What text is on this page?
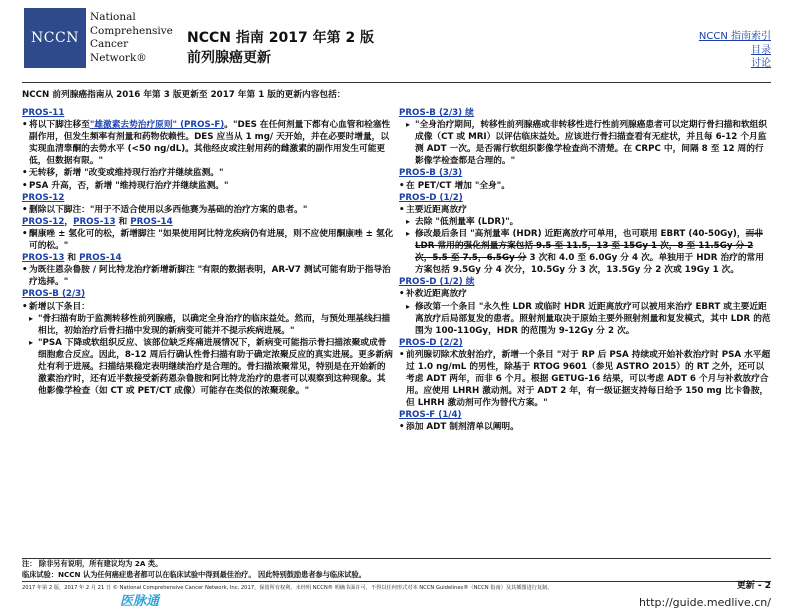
NCCN
National
Comprehensive
Cancer
Network®
NCCN 指南 2017 年第 2 版
前列腺癌更新
NCCN 指南索引
目录
讨论
NCCN 前列腺癌指南从 2016 年第 3 版更新至 2017 年第 1 版的更新内容包括：
PROS-11
• 将以下脚注移至"雄激素去势治疗原则" (PROS-F)。"DES 在任何剂量下都有心血管和栓塞性副作用，但发生频率有剂量和药物依赖性。DES 应当从 1 mg/ 天开始，并在必要时增量，以实现血清睾酮的去势水平 (<50 ng/dL)。其他经皮或注射用药的雌激素的副作用发生可能更低，但数据有限。"
• 无转移，新增 "改变或维持现行治疗并继续监测。"
• PSA 升高，否，新增 "维持现行治疗并继续监测。"
PROS-12
• 删除以下脚注："用于不适合使用以多西他赛为基础的治疗方案的患者。"
PROS-12，PROS-13 和 PROS-14
• 酮康唑 ± 氢化可的松，新增脚注 "如果使用阿比特龙疾病仍有进展，则不应使用酮康唑 ± 氢化可的松。"
PROS-13 和 PROS-14
• 为既往恩杂鲁胺 / 阿比特龙治疗新增新脚注 "有限的数据表明，AR-V7 测试可能有助于指导治疗选择。"
PROS-B (2/3)
• 新增以下条目：
▸ "骨扫描有助于监测转移性前列腺癌，以确定全身治疗的临床益处。然而，与预处理基线扫描相比，初始治疗后骨扫描中发现的新病变可能并不提示疾病进展。"
▸ "PSA 下降或软组织反应、该部位缺乏疼痛进展情况下，新病变可能指示骨扫描浓聚或成骨细胞愈合反应。因此，8-12 周后行确认性骨扫描有助于确定浓聚反应的真实进展。更多新病灶有利于进展。扫描结果稳定表明继续治疗是合理的。骨扫描浓聚常见，特别是在开始新的激素治疗时，还有近半数接受新药恩杂鲁胺和阿比特龙治疗的患者可以观察到这种现象。其他影像学检查（如 CT 或 PET/CT 成像）可能存在类似的浓聚现象。"
PROS-B (2/3) 续
▸ "全身治疗期间，转移性前列腺癌或非转移性进行性前列腺癌患者可以定期行骨扫描和软组织成像（CT 或 MRI）以评估临床益处。应该进行骨扫描查看有无症状，并且每 6-12 个月监测 ADT 一次。是否需行软组织影像学检查尚不清楚。在 CRPC 中，间隔 8 至 12 周的行影像学检查都是合理的。"
PROS-B (3/3)
• 在 PET/CT 增加 "全身"。
PROS-D (1/2)
• 主要近距离放疗
▸ 去除 "低剂量率 (LDR)"。
▸ 修改最后条目 "高剂量率 (HDR) 近距离放疗可单用，也可联用 EBRT (40-50Gy)，而非 LDR 常用的强化剂量方案包括 9.5 至 11.5，13 至 15Gy 1 次，8 至 11.5Gy 分 2 次，5.5 至 7.5，6.5Gy 分 3 次和 4.0 至 6.0Gy 分 4 次。单独用于 HDR 治疗的常用方案包括 9.5Gy 分 4 次分，10.5Gy 分 3 次，13.5Gy 分 2 次或 19Gy 1 次。
PROS-D (1/2) 续
• 补救近距离放疗
▸ 修改第一个条目 "永久性 LDR 或临时 HDR 近距离放疗可以被用来治疗 EBRT 或主要近距离放疗后局部复发的患者。照射剂量取决于原始主要外照射剂量和复发模式，其中 LDR 的范围为 100-110Gy，HDR 的范围为 9-12Gy 分 2 次。
PROS-D (2/2)
• 前列腺切除术放射治疗，新增一个条目 "对于 RP 后 PSA 持续或开始补救治疗时 PSA 水平超过 1.0 ng/mL 的男性，除基于 RTOG 9601（参见 ASTRO 2015）的 RT 之外，还可以考虑 ADT 两年，而非 6 个月。根据 GETUG-16 结果，可以考虑 ADT 6 个月与补救放疗合用。应使用 LHRH 激动剂。对于 ADT 2 年，有一级证据支持每日给予 150 mg 比卡鲁胺，但 LHRH 激动剂可作为替代方案。"
PROS-F (1/4)
• 添加 ADT 制剂清单以阐明。
注： 除非另有说明，所有建议均为 2A 类。
临床试验：NCCN 认为任何癌症患者都可以在临床试验中得到最佳治疗。 因此特别鼓励患者参与临床试验。
2017 年第 2 版，2017 年 2 月 21 日 © National Comprehensive Cancer Network, Inc. 2017，保留所有权利。未经明 NCCN® 明确书面许可，不得以任何形式对本 NCCN Guidelines®（NCCN 指南）及其插图进行复制。	更新 - 2
医脉通	http://guide.medlive.cn/
